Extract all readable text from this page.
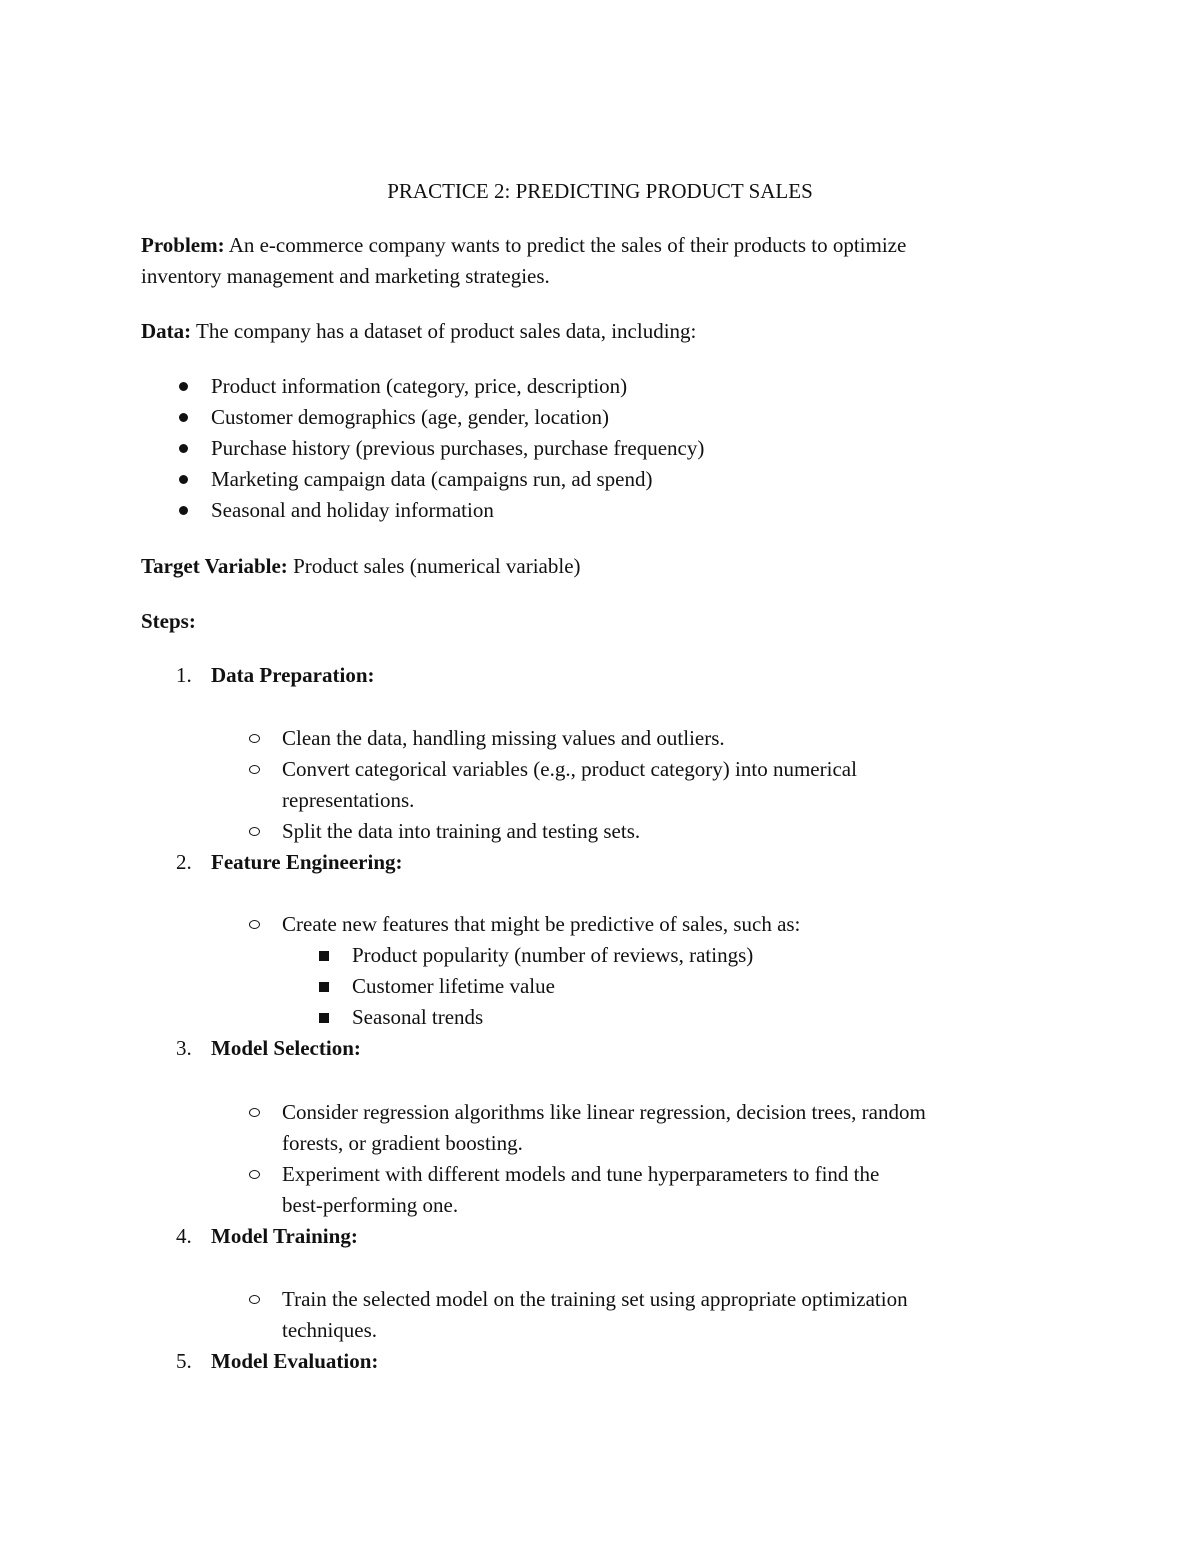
PRACTICE 2: PREDICTING PRODUCT SALES
Problem: An e-commerce company wants to predict the sales of their products to optimize
inventory management and marketing strategies.
Data: The company has a dataset of product sales data, including:
Product information (category, price, description)
Customer demographics (age, gender, location)
Purchase history (previous purchases, purchase frequency)
Marketing campaign data (campaigns run, ad spend)
Seasonal and holiday information
Target Variable: Product sales (numerical variable)
Steps:
1. Data Preparation:
Clean the data, handling missing values and outliers.
Convert categorical variables (e.g., product category) into numerical
representations.
Split the data into training and testing sets.
2. Feature Engineering:
Create new features that might be predictive of sales, such as:
Product popularity (number of reviews, ratings)
Customer lifetime value
Seasonal trends
3. Model Selection:
Consider regression algorithms like linear regression, decision trees, random
forests, or gradient boosting.
Experiment with different models and tune hyperparameters to find the
best-performing one.
4. Model Training:
Train the selected model on the training set using appropriate optimization
techniques.
5. Model Evaluation:
